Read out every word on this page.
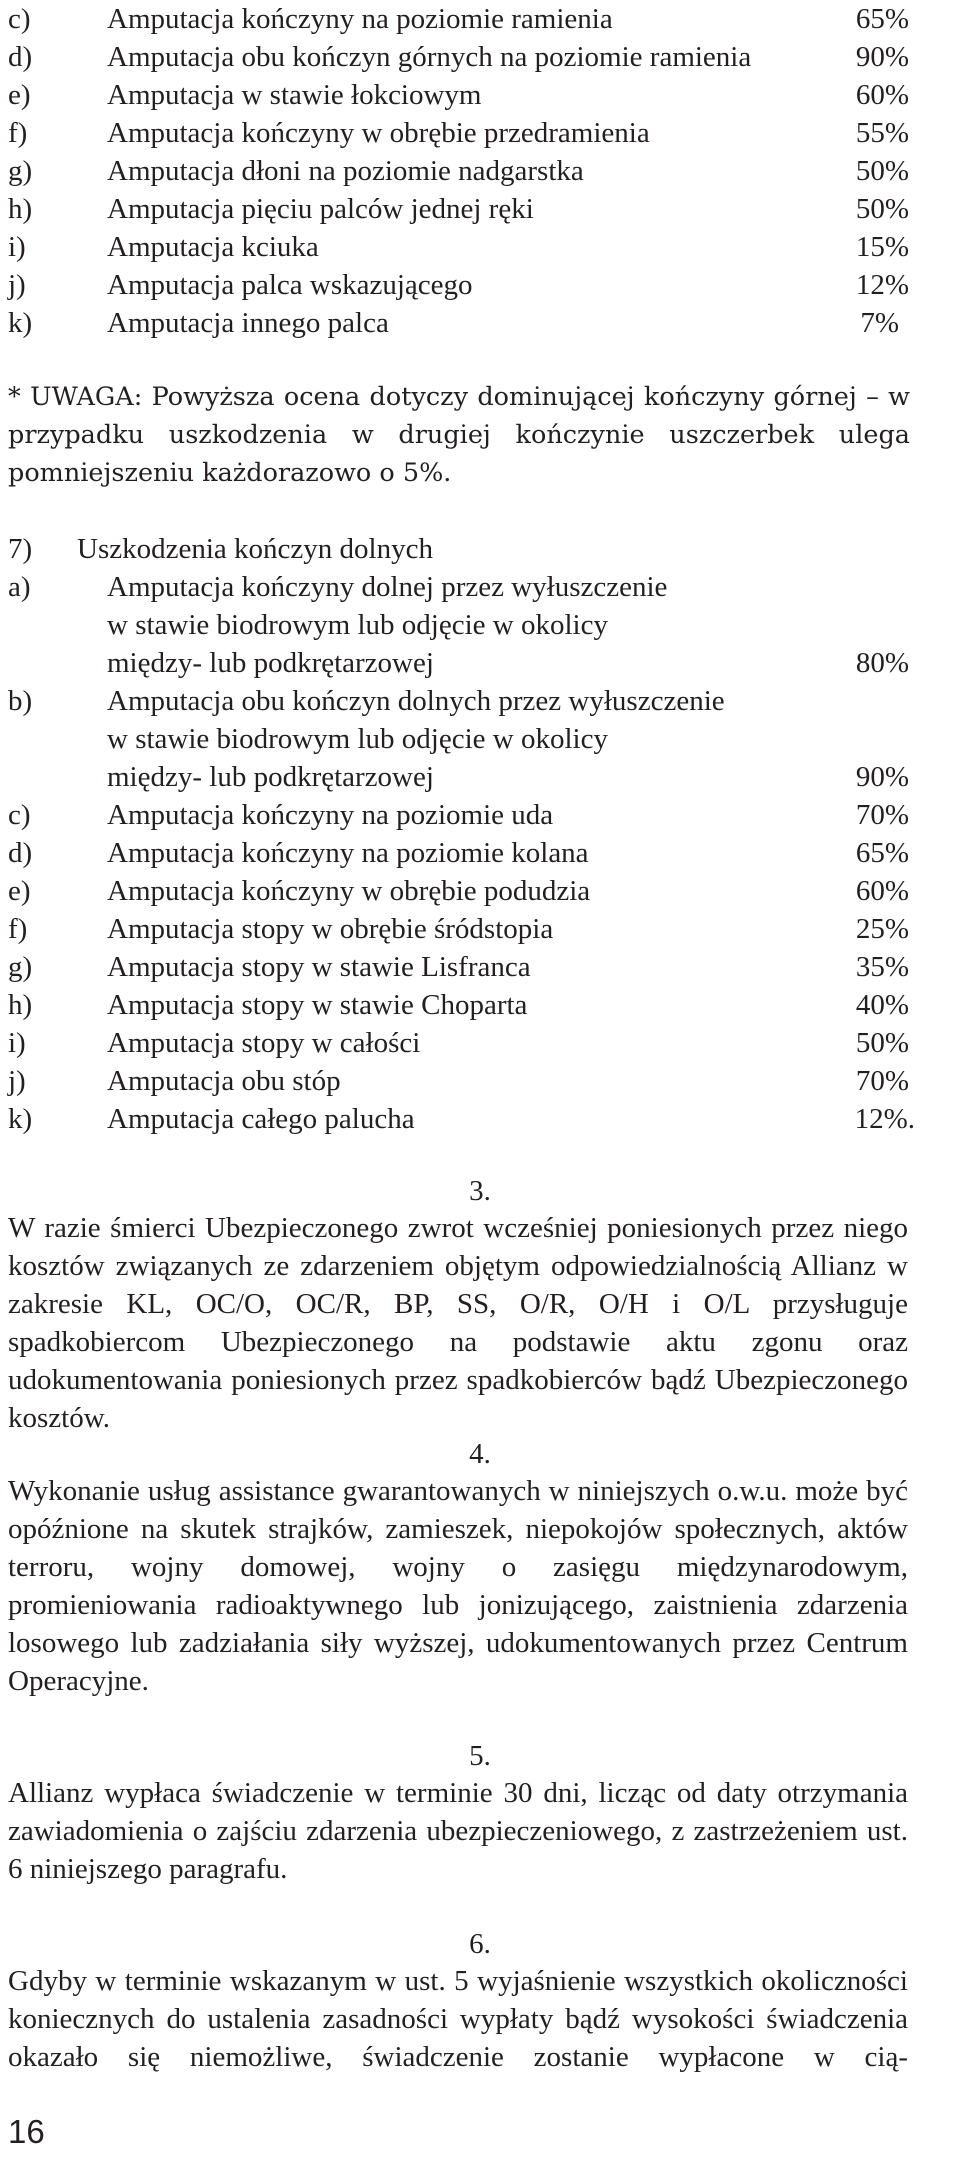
c)	Amputacja kończyny na poziomie ramienia	65%
d)	Amputacja obu kończyn górnych na poziomie ramienia	90%
e)	Amputacja w stawie łokciowym	60%
f)	Amputacja kończyny w obrębie przedramienia	55%
g)	Amputacja dłoni na poziomie nadgarstka	50%
h)	Amputacja pięciu palców jednej ręki	50%
i)	Amputacja kciuka	15%
j)	Amputacja palca wskazującego	12%
k)	Amputacja innego palca	7%
* UWAGA: Powyższa ocena dotyczy dominującej kończyny górnej – w przypadku uszkodzenia w drugiej kończynie uszczerbek ulega pomniejszeniu każdorazowo o 5%.
7) Uszkodzenia kończyn dolnych
a)	Amputacja kończyny dolnej przez wyłuszczenie
w stawie biodrowym lub odjęcie w okolicy
między- lub podkrętarzowej	80%
b)	Amputacja obu kończyn dolnych przez wyłuszczenie
w stawie biodrowym lub odjęcie w okolicy
między- lub podkrętarzowej	90%
c)	Amputacja kończyny na poziomie uda	70%
d)	Amputacja kończyny na poziomie kolana	65%
e)	Amputacja kończyny w obrębie podudzia	60%
f)	Amputacja stopy w obrębie śródstopia	25%
g)	Amputacja stopy w stawie Lisfranca	35%
h)	Amputacja stopy w stawie Choparta	40%
i)	Amputacja stopy w całości	50%
j)	Amputacja obu stóp	70%
k)	Amputacja całego palucha	12%.
3.
W razie śmierci Ubezpieczonego zwrot wcześniej poniesionych przez niego kosztów związanych ze zdarzeniem objętym odpowiedzialnością Allianz w zakresie KL, OC/O, OC/R, BP, SS, O/R, O/H i O/L przysługuje spadkobiercom Ubezpieczonego na podstawie aktu zgonu oraz udokumentowania poniesionych przez spadkobierców bądź Ubezpieczonego kosztów.
4.
Wykonanie usług assistance gwarantowanych w niniejszych o.w.u. może być opóźnione na skutek strajków, zamieszek, niepokojów społecznych, aktów terroru, wojny domowej, wojny o zasięgu międzynarodowym, promieniowania radioaktywnego lub jonizującego, zaistnienia zdarzenia losowego lub zadziałania siły wyższej, udokumentowanych przez Centrum Operacyjne.
5.
Allianz wypłaca świadczenie w terminie 30 dni, licząc od daty otrzymania zawiadomienia o zajściu zdarzenia ubezpieczeniowego, z zastrzeżeniem ust. 6 niniejszego paragrafu.
6.
Gdyby w terminie wskazanym w ust. 5 wyjaśnienie wszystkich okoliczności koniecznych do ustalenia zasadności wypłaty bądź wysokości świadczenia okazało się niemożliwe, świadczenie zostanie wypłacone w cią-
16
